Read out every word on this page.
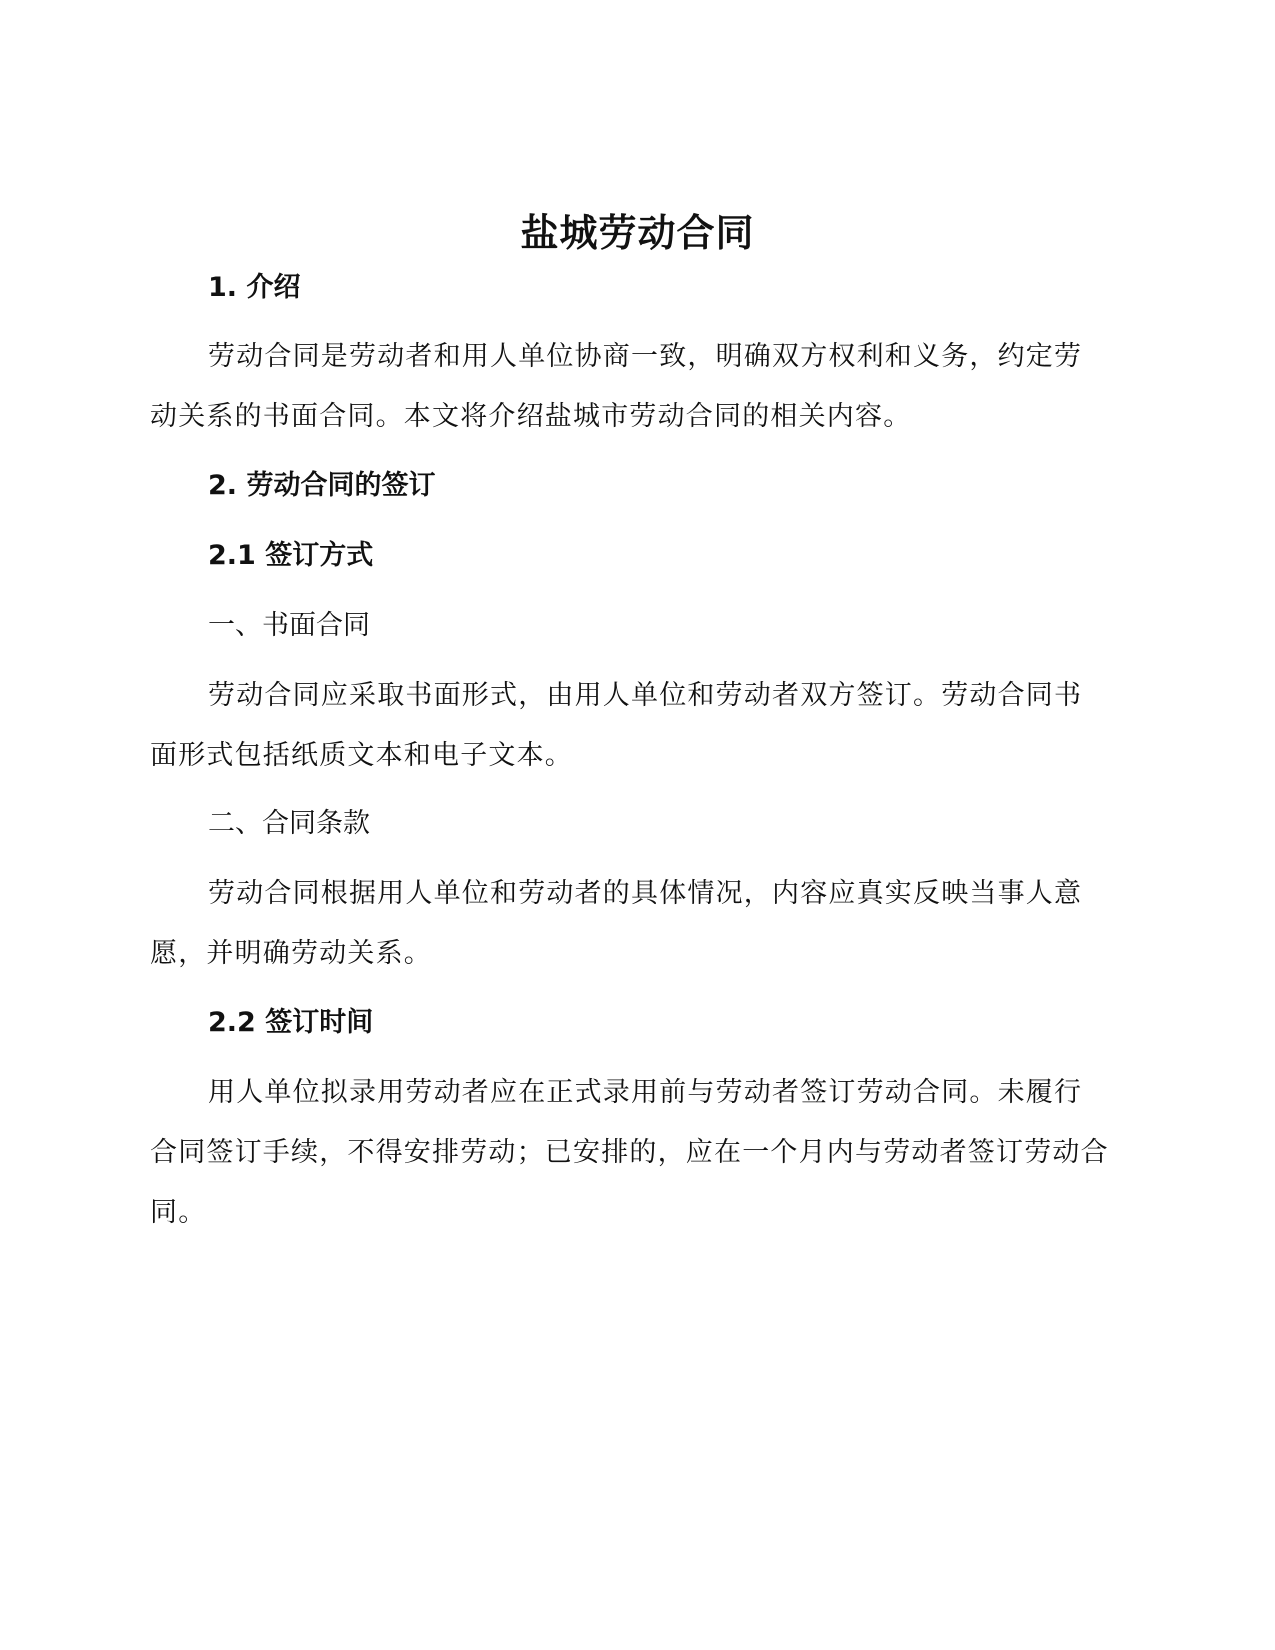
盐城劳动合同
1. 介绍

劳动合同是劳动者和用人单位协商一致，明确双方权利和义务，约定劳动关系的书面合同。本文将介绍盐城市劳动合同的相关内容。

2. 劳动合同的签订
2.1 签订方式
一、书面合同

劳动合同应采取书面形式，由用人单位和劳动者双方签订。劳动合同书面形式包括纸质文本和电子文本。

二、合同条款

劳动合同根据用人单位和劳动者的具体情况，内容应真实反映当事人意愿，并明确劳动关系。

2.2 签订时间

用人单位拟录用劳动者应在正式录用前与劳动者签订劳动合同。未履行合同签订手续，不得安排劳动；已安排的，应在一个月内与劳动者签订劳动合同。
